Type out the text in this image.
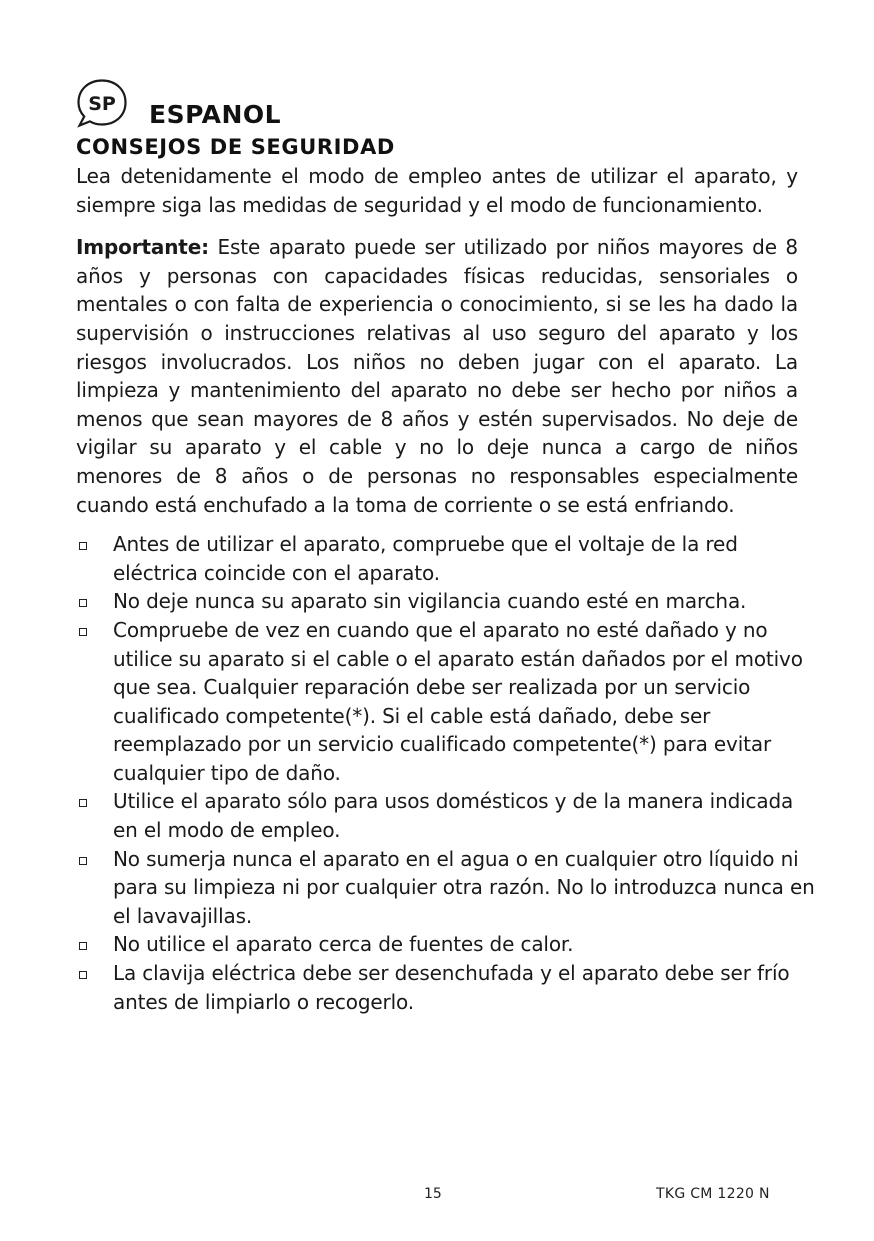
SP ESPANOL
CONSEJOS DE SEGURIDAD

Lea detenidamente el modo de empleo antes de utilizar el aparato, y siempre siga las medidas de seguridad y el modo de funcionamiento.

Importante: Este aparato puede ser utilizado por niños mayores de 8 años y personas con capacidades físicas reducidas, sensoriales o mentales o con falta de experiencia o conocimiento, si se les ha dado la supervisión o instrucciones relativas al uso seguro del aparato y los riesgos involucrados. Los niños no deben jugar con el aparato. La limpieza y mantenimiento del aparato no debe ser hecho por niños a menos que sean mayores de 8 años y estén supervisados. No deje de vigilar su aparato y el cable y no lo deje nunca a cargo de niños menores de 8 años o de personas no responsables especialmente cuando está enchufado a la toma de corriente o se está enfriando.

Antes de utilizar el aparato, compruebe que el voltaje de la red eléctrica coincide con el aparato.
No deje nunca su aparato sin vigilancia cuando esté en marcha.
Compruebe de vez en cuando que el aparato no esté dañado y no utilice su aparato si el cable o el aparato están dañados por el motivo que sea. Cualquier reparación debe ser realizada por un servicio cualificado competente(*). Si el cable está dañado, debe ser reemplazado por un servicio cualificado competente(*) para evitar cualquier tipo de daño.
Utilice el aparato sólo para usos domésticos y de la manera indicada en el modo de empleo.
No sumerja nunca el aparato en el agua o en cualquier otro líquido ni para su limpieza ni por cualquier otra razón. No lo introduzca nunca en el lavavajillas.
No utilice el aparato cerca de fuentes de calor.
La clavija eléctrica debe ser desenchufada y el aparato debe ser frío antes de limpiarlo o recogerlo.
15	TKG CM 1220 N
